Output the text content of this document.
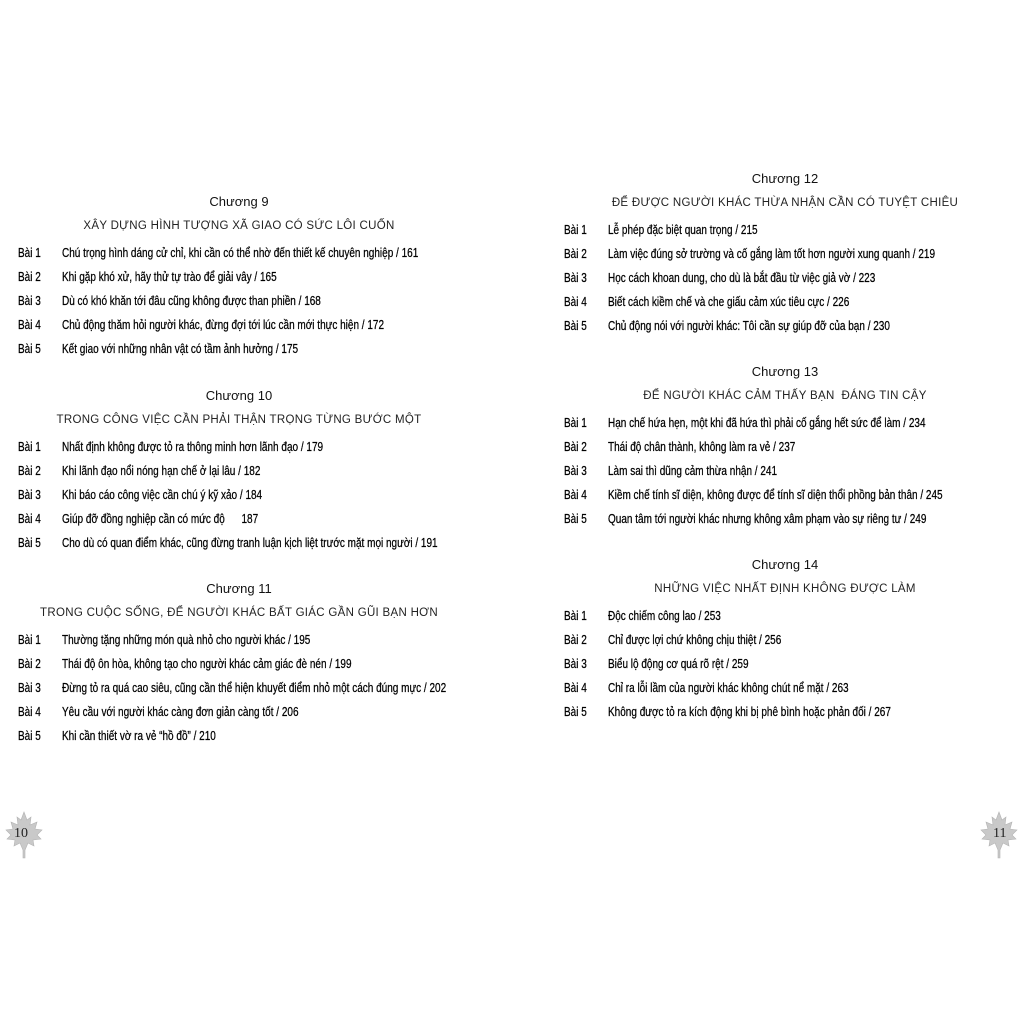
Chương 9
XÂY DỰNG HÌNH TƯỢNG XÃ GIAO CÓ SỨC LÔI CUỐN
Bài 1 Chú trọng hình dáng cử chỉ, khi cần có thể nhờ đến thiết kế chuyên nghiệp / 161
Bài 2 Khi gặp khó xử, hãy thử tự trào để giải vây / 165
Bài 3 Dù có khó khăn tới đâu cũng không được than phiền / 168
Bài 4 Chủ động thăm hỏi người khác, đừng đợi tới lúc cần mới thực hiện / 172
Bài 5 Kết giao với những nhân vật có tầm ảnh hưởng / 175
Chương 10
TRONG CÔNG VIỆC CẦN PHẢI THẬN TRỌNG TỪNG BƯỚC MỘT
Bài 1 Nhất định không được tỏ ra thông minh hơn lãnh đạo / 179
Bài 2 Khi lãnh đạo nổi nóng hạn chế ở lại lâu / 182
Bài 3 Khi báo cáo công việc cần chú ý kỹ xảo / 184
Bài 4 Giúp đỡ đồng nghiệp cần có mức độ      187
Bài 5 Cho dù có quan điểm khác, cũng đừng tranh luận kịch liệt trước mặt mọi người / 191
Chương 11
TRONG CUỘC SỐNG, ĐỂ NGƯỜI KHÁC BẤT GIÁC GẦN GŨI BẠN HƠN
Bài 1 Thường tặng những món quà nhỏ cho người khác / 195
Bài 2 Thái độ ôn hòa, không tạo cho người khác cảm giác đè nén / 199
Bài 3 Đừng tỏ ra quá cao siêu, cũng cần thể hiện khuyết điểm nhỏ một cách đúng mực / 202
Bài 4 Yêu cầu với người khác càng đơn giản càng tốt / 206
Bài 5 Khi cần thiết vờ ra vẻ “hồ đồ” / 210
10
Chương 12
ĐỂ ĐƯỢC NGƯỜI KHÁC THỪA NHẬN CẦN CÓ TUYỆT CHIÊU
Bài 1 Lễ phép đặc biệt quan trọng / 215
Bài 2 Làm việc đúng sở trường và cố gắng làm tốt hơn người xung quanh / 219
Bài 3 Học cách khoan dung, cho dù là bắt đầu từ việc giả vờ / 223
Bài 4 Biết cách kiềm chế và che giấu cảm xúc tiêu cực / 226
Bài 5 Chủ động nói với người khác: Tôi cần sự giúp đỡ của bạn / 230
Chương 13
ĐỂ NGƯỜI KHÁC CẢM THẤY BẠN  ĐÁNG TIN CẬY
Bài 1 Hạn chế hứa hẹn, một khi đã hứa thì phải cố gắng hết sức để làm / 234
Bài 2 Thái độ chân thành, không làm ra vẻ / 237
Bài 3 Làm sai thì dũng cảm thừa nhận / 241
Bài 4 Kiềm chế tính sĩ diện, không được để tính sĩ diện thổi phồng bản thân / 245
Bài 5 Quan tâm tới người khác nhưng không xâm phạm vào sự riêng tư / 249
Chương 14
NHỮNG VIỆC NHẤT ĐỊNH KHÔNG ĐƯỢC LÀM
Bài 1 Độc chiếm công lao / 253
Bài 2 Chỉ được lợi chứ không chịu thiệt / 256
Bài 3 Biểu lộ động cơ quá rõ rệt / 259
Bài 4 Chỉ ra lỗi lầm của người khác không chút nể mặt / 263
Bài 5 Không được tỏ ra kích động khi bị phê bình hoặc phản đối / 267
11
